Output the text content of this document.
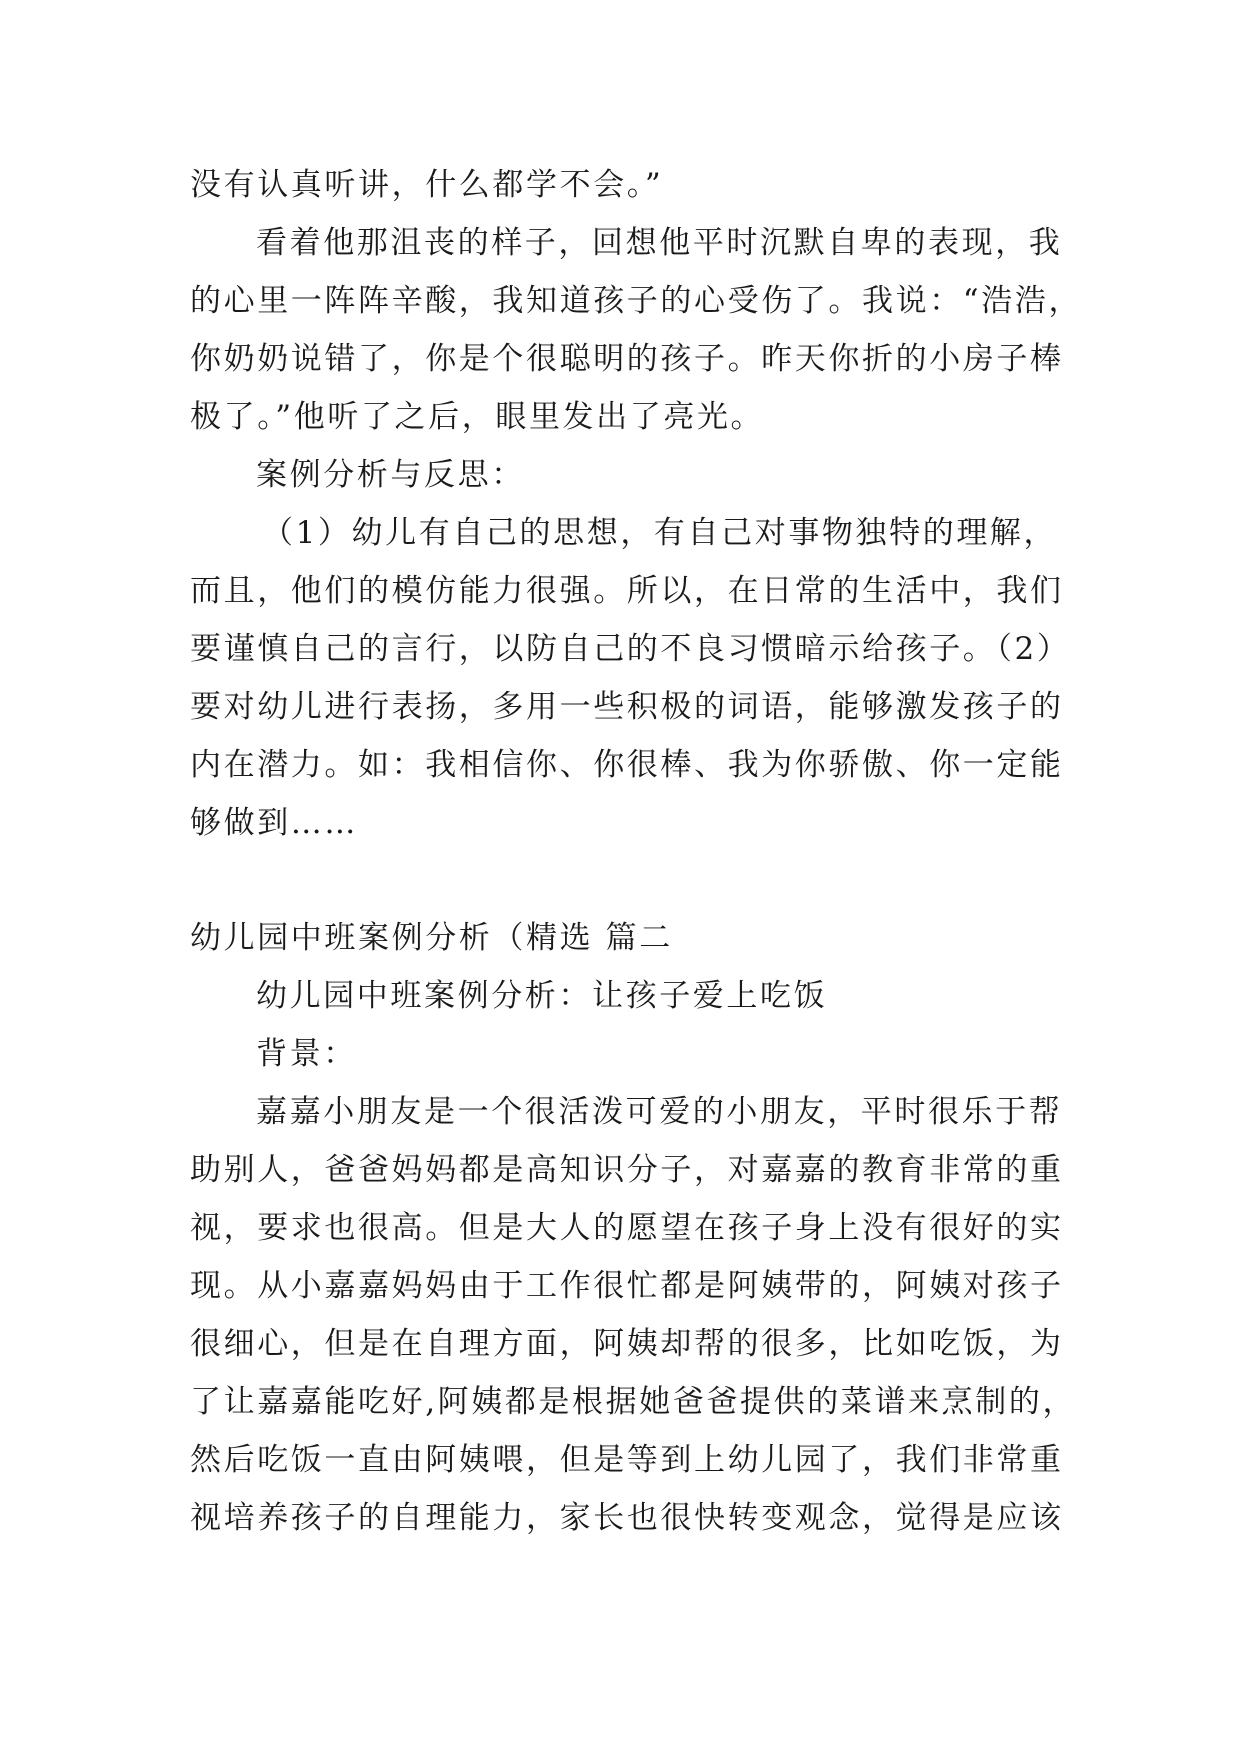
没有认真听讲，什么都学不会。”
看着他那沮丧的样子，回想他平时沉默自卑的表现，我
的心里一阵阵辛酸，我知道孩子的心受伤了。我说：“浩浩，
你奶奶说错了，你是个很聪明的孩子。昨天你折的小房子棒
极了。”他听了之后，眼里发出了亮光。
案例分析与反思：
（1）幼儿有自己的思想，有自己对事物独特的理解，
而且，他们的模仿能力很强。所以，在日常的生活中，我们
要谨慎自己的言行，以防自己的不良习惯暗示给孩子。（2）
要对幼儿进行表扬，多用一些积极的词语，能够激发孩子的
内在潜力。如：我相信你、你很棒、我为你骄傲、你一定能
够做到……
幼儿园中班案例分析（精选 篇二
幼儿园中班案例分析：让孩子爱上吃饭
背景：
嘉嘉小朋友是一个很活泼可爱的小朋友，平时很乐于帮
助别人，爸爸妈妈都是高知识分子，对嘉嘉的教育非常的重
视，要求也很高。但是大人的愿望在孩子身上没有很好的实
现。从小嘉嘉妈妈由于工作很忙都是阿姨带的，阿姨对孩子
很细心，但是在自理方面，阿姨却帮的很多，比如吃饭，为
了让嘉嘉能吃好,阿姨都是根据她爸爸提供的菜谱来烹制的，
然后吃饭一直由阿姨喂，但是等到上幼儿园了，我们非常重
视培养孩子的自理能力，家长也很快转变观念，觉得是应该
